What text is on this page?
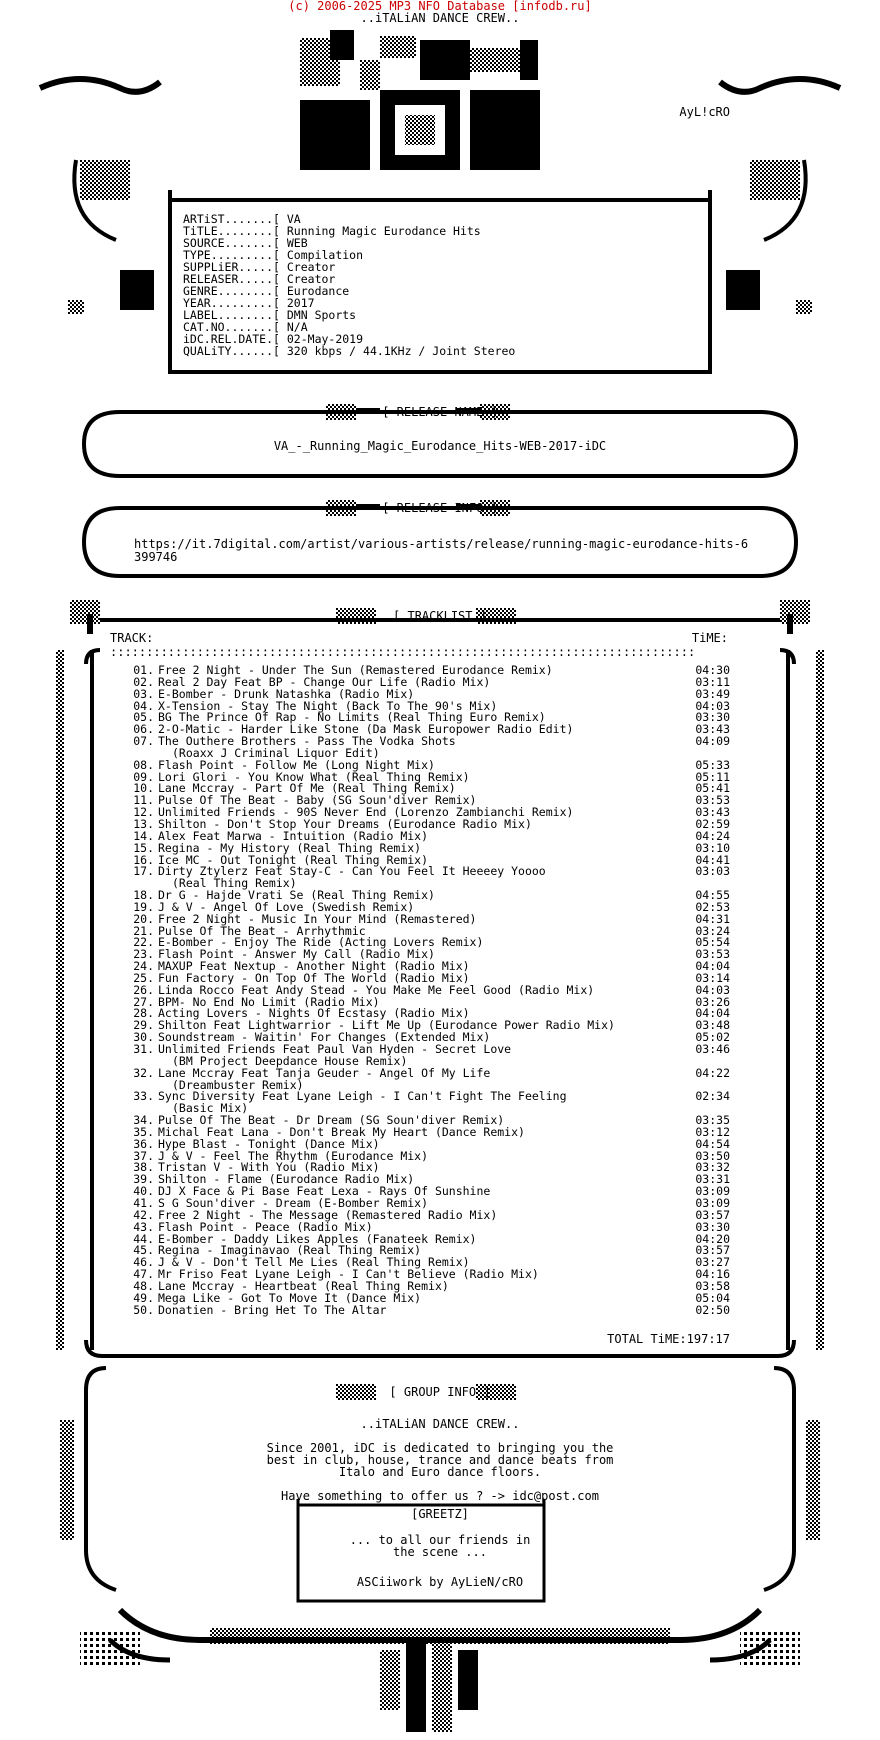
(c) 2006-2025 MP3 NFO Database [infodb.ru]
..iTALiAN DANCE CREW..
AyL!cRO
ARTiST.......[ VA
TiTLE........[ Running Magic Eurodance Hits
SOURCE.......[ WEB
TYPE.........[ Compilation
SUPPLiER.....[ Creator
RELEASER.....[ Creator
GENRE........[ Eurodance
YEAR.........[ 2017
LABEL........[ DMN Sports
CAT.NO.......[ N/A
iDC.REL.DATE.[ 02-May-2019
QUALiTY......[ 320 kbps / 44.1KHz / Joint Stereo
[ RELEASE NAME ]
VA_-_Running_Magic_Eurodance_Hits-WEB-2017-iDC
[ RELEASE INFO ]
https://it.7digital.com/artist/various-artists/release/running-magic-eurodance-hits-6399746
[ TRACKLIST ]
TRACK:	TiME:
:::::::::::::::::::::::::::::::::::::::::::::::::::::::::::::::::::::::::::::::::
01. Free 2 Night - Under The Sun (Remastered Eurodance Remix)	04:30
02. Real 2 Day Feat BP - Change Our Life (Radio Mix)	03:11
03. E-Bomber - Drunk Natashka (Radio Mix)	03:49
04. X-Tension - Stay The Night (Back To The 90's Mix)	04:03
05. BG The Prince Of Rap - No Limits (Real Thing Euro Remix)	03:30
06. 2-O-Matic - Harder Like Stone (Da Mask Europower Radio Edit)	03:43
07. The Outhere Brothers - Pass The Vodka Shots	04:09
(Roaxx J Criminal Liquor Edit)
08. Flash Point - Follow Me (Long Night Mix)	05:33
09. Lori Glori - You Know What (Real Thing Remix)	05:11
10. Lane Mccray - Part Of Me (Real Thing Remix)	05:41
11. Pulse Of The Beat - Baby (SG Soun'diver Remix)	03:53
12. Unlimited Friends - 90S Never End (Lorenzo Zambianchi Remix)	03:43
13. Shilton - Don't Stop Your Dreams (Eurodance Radio Mix)	02:59
14. Alex Feat Marwa - Intuition (Radio Mix)	04:24
15. Regina - My History (Real Thing Remix)	03:10
16. Ice MC - Out Tonight (Real Thing Remix)	04:41
17. Dirty Ztylerz Feat Stay-C - Can You Feel It Heeeey Yoooo	03:03
(Real Thing Remix)
18. Dr G - Hajde Vrati Se (Real Thing Remix)	04:55
19. J & V - Angel Of Love (Swedish Remix)	02:53
20. Free 2 Night - Music In Your Mind (Remastered)	04:31
21. Pulse Of The Beat - Arrhythmic	03:24
22. E-Bomber - Enjoy The Ride (Acting Lovers Remix)	05:54
23. Flash Point - Answer My Call (Radio Mix)	03:53
24. MAXUP Feat Nextup - Another Night (Radio Mix)	04:04
25. Fun Factory - On Top Of The World (Radio Mix)	03:14
26. Linda Rocco Feat Andy Stead - You Make Me Feel Good (Radio Mix)	04:03
27. BPM- No End No Limit (Radio Mix)	03:26
28. Acting Lovers - Nights Of Ecstasy (Radio Mix)	04:04
29. Shilton Feat Lightwarrior - Lift Me Up (Eurodance Power Radio Mix)	03:48
30. Soundstream - Waitin' For Changes (Extended Mix)	05:02
31. Unlimited Friends Feat Paul Van Hyden - Secret Love	03:46
(BM Project Deepdance House Remix)
32. Lane Mccray Feat Tanja Geuder - Angel Of My Life	04:22
(Dreambuster Remix)
33. Sync Diversity Feat Lyane Leigh - I Can't Fight The Feeling	02:34
(Basic Mix)
34. Pulse Of The Beat - Dr Dream (SG Soun'diver Remix)	03:35
35. Michal Feat Lana - Don't Break My Heart (Dance Remix)	03:12
36. Hype Blast - Tonight (Dance Mix)	04:54
37. J & V - Feel The Rhythm (Eurodance Mix)	03:50
38. Tristan V - With You (Radio Mix)	03:32
39. Shilton - Flame (Eurodance Radio Mix)	03:31
40. DJ X Face & Pi Base Feat Lexa - Rays Of Sunshine	03:09
41. S G Soun'diver - Dream (E-Bomber Remix)	03:09
42. Free 2 Night - The Message (Remastered Radio Mix)	03:57
43. Flash Point - Peace (Radio Mix)	03:30
44. E-Bomber - Daddy Likes Apples (Fanateek Remix)	04:20
45. Regina - Imaginavao (Real Thing Remix)	03:57
46. J & V - Don't Tell Me Lies (Real Thing Remix)	03:27
47. Mr Friso Feat Lyane Leigh - I Can't Believe (Radio Mix)	04:16
48. Lane Mccray - Heartbeat (Real Thing Remix)	03:58
49. Mega Like - Got To Move It (Dance Mix)	05:04
50. Donatien - Bring Het To The Altar	02:50
TOTAL TiME:197:17
[ GROUP INFO ]
..iTALiAN DANCE CREW..
Since 2001, iDC is dedicated to bringing you the
best in club, house, trance and dance beats from
Italo and Euro dance floors.
Have something to offer us ? -> idc@post.com
[GREETZ]
... to all our friends in
the scene ...
ASCiiwork by AyLieN/cRO
